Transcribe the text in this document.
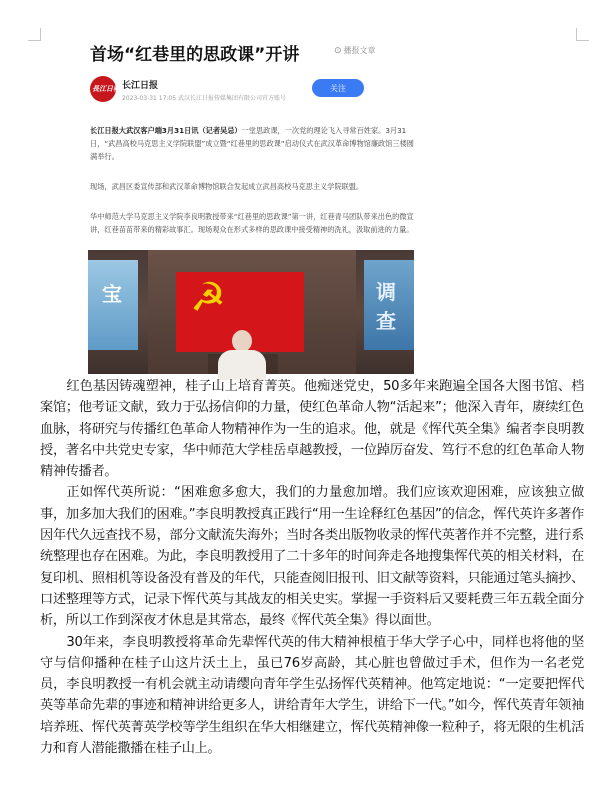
首场“红巷里的思政课”开讲	⊙ 播报文章
長江日報 长江日报
2023-03-31 17:05 武汉长江日报传媒集团有限公司官方账号
关注
长江日报大武汉客户端3月31日讯（记者吴忌）一堂思政课，一次党的理论飞入寻常百姓家。3月31日，“武昌高校马克思主义学院联盟”成立暨“红巷里的思政课”启动仪式在武汉革命博物馆廉政馆三楼圆满举行。
现场，武昌区委宣传部和武汉革命博物馆联合发起成立武昌高校马克思主义学院联盟。
华中师范大学马克思主义学院李良明教授带来“红巷里的思政课”第一讲，红巷青马团队带来出色的微宣讲，红巷苗苗带来的精彩故事汇。现场观众在形式多样的思政课中接受精神的洗礼，汲取前进的力量。
宝	调查
☭

红色基因铸魂塑神，桂子山上培育菁英。他痴迷党史，50多年来跑遍全国各大图书馆、档案馆；他考证文献，致力于弘扬信仰的力量，使红色革命人物“活起来”；他深入青年，赓续红色血脉，将研究与传播红色革命人物精神作为一生的追求。他，就是《恽代英全集》编者李良明教授，著名中共党史专家，华中师范大学桂岳卓越教授，一位踔厉奋发、笃行不怠的红色革命人物精神传播者。

正如恽代英所说：“困难愈多愈大，我们的力量愈加增。我们应该欢迎困难，应该独立做事，加多加大我们的困难。”李良明教授真正践行“用一生诠释红色基因”的信念，恽代英许多著作因年代久远查找不易，部分文献流失海外；当时各类出版物收录的恽代英著作并不完整，进行系统整理也存在困难。为此，李良明教授用了二十多年的时间奔走各地搜集恽代英的相关材料，在复印机、照相机等设备没有普及的年代，只能查阅旧报刊、旧文献等资料，只能通过笔头摘抄、口述整理等方式，记录下恽代英与其战友的相关史实。掌握一手资料后又要耗费三年五载全面分析，所以工作到深夜才休息是其常态，最终《恽代英全集》得以面世。

30年来，李良明教授将革命先辈恽代英的伟大精神根植于华大学子心中，同样也将他的坚守与信仰播种在桂子山这片沃土上，虽已76岁高龄，其心脏也曾做过手术，但作为一名老党员，李良明教授一有机会就主动请缨向青年学生弘扬恽代英精神。他笃定地说：“一定要把恽代英等革命先辈的事迹和精神讲给更多人，讲给青年大学生，讲给下一代。”如今，恽代英青年领袖培养班、恽代英菁英学校等学生组织在华大相继建立，恽代英精神像一粒种子，将无限的生机活力和育人潜能撒播在桂子山上。
